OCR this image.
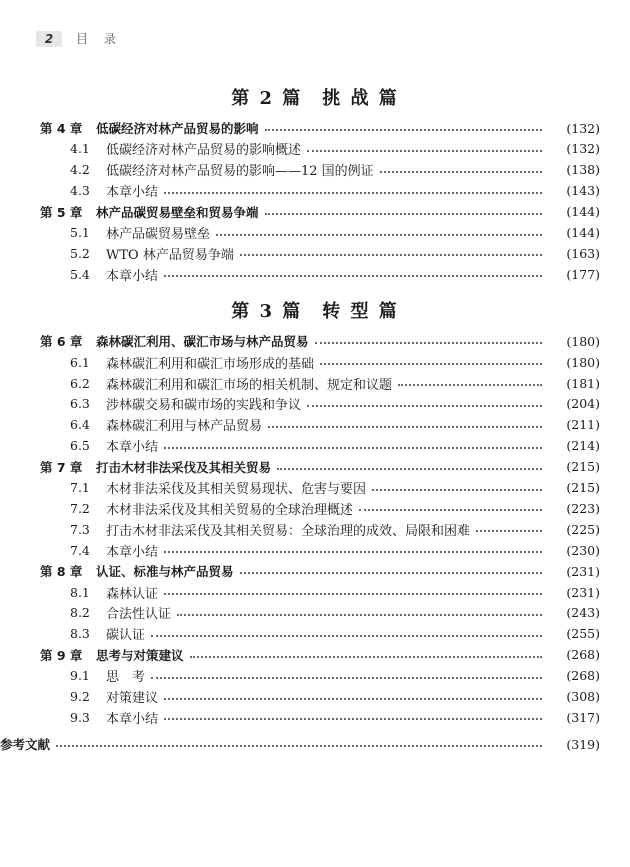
2	目 录
第 2 篇　挑 战 篇
第 4 章	低碳经济对林产品贸易的影响	(132)
4.1	低碳经济对林产品贸易的影响概述	(132)
4.2	低碳经济对林产品贸易的影响——12 国的例证	(138)
4.3	本章小结	(143)
第 5 章	林产品碳贸易壁垒和贸易争端	(144)
5.1	林产品碳贸易壁垒	(144)
5.2	WTO 林产品贸易争端	(163)
5.4	本章小结	(177)
第 3 篇　转 型 篇
第 6 章	森林碳汇利用、碳汇市场与林产品贸易	(180)
6.1	森林碳汇利用和碳汇市场形成的基础	(180)
6.2	森林碳汇利用和碳汇市场的相关机制、规定和议题	(181)
6.3	涉林碳交易和碳市场的实践和争议	(204)
6.4	森林碳汇利用与林产品贸易	(211)
6.5	本章小结	(214)
第 7 章	打击木材非法采伐及其相关贸易	(215)
7.1	木材非法采伐及其相关贸易现状、危害与要因	(215)
7.2	木材非法采伐及其相关贸易的全球治理概述	(223)
7.3	打击木材非法采伐及其相关贸易：全球治理的成效、局限和困难	(225)
7.4	本章小结	(230)
第 8 章	认证、标准与林产品贸易	(231)
8.1	森林认证	(231)
8.2	合法性认证	(243)
8.3	碳认证	(255)
第 9 章	思考与对策建议	(268)
9.1	思　考	(268)
9.2	对策建议	(308)
9.3	本章小结	(317)
参考文献	(319)
